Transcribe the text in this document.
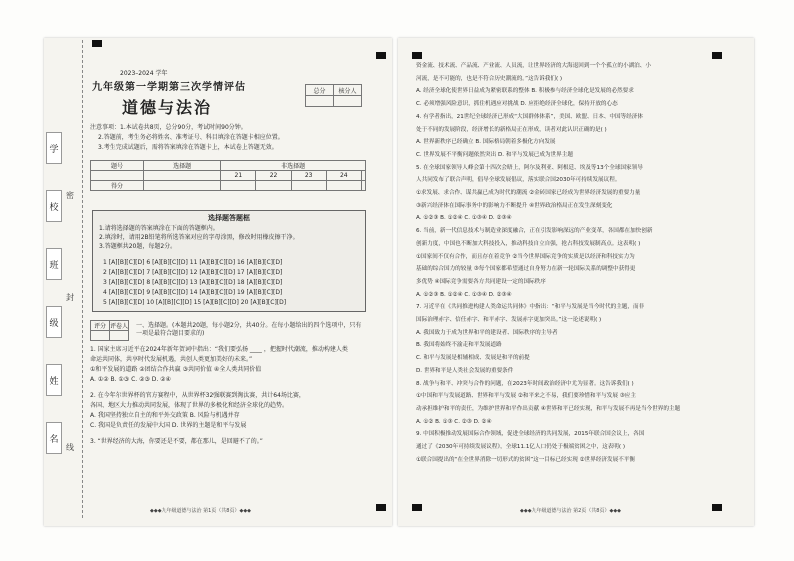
学
校
班
级
姓
名
密
封
线
2023–2024 学年
九年级第一学期第三次学情评估
道德与法治
总分	核分人

注意事项：1.本试卷共8页，总分90分，考试时间90分钟。
2.答题前，考生务必将姓名、准考证号、科目填涂在答题卡相应位置。
3.考生完成试题后，需将答案填涂在答题卡上，本试卷上答题无效。
题号	选择题	非选择题				
		21	22	23	24	
得分						
选择题答题框
1.请将选择题的答案填涂在下面的答题框内。
2.填涂时，请用2B铅笔将所选答案对应的字母涂黑，修改时用橡皮擦干净。
3.答题框共20题，每题2分。
1 [A][B][C][D] 6 [A][B][C][D] 11 [A][B][C][D] 16 [A][B][C][D]
2 [A][B][C][D] 7 [A][B][C][D] 12 [A][B][C][D] 17 [A][B][C][D]
3 [A][B][C][D] 8 [A][B][C][D] 13 [A][B][C][D] 18 [A][B][C][D]
4 [A][B][C][D] 9 [A][B][C][D] 14 [A][B][C][D] 19 [A][B][C][D]
5 [A][B][C][D] 10 [A][B][C][D] 15 [A][B][C][D] 20 [A][B][C][D]
评分	评卷人
	一、选择题。(本题共20题，每小题2分，共40分。在每小题给出的四个选项中，只有一项是最符合题目要求的)
1. 国家主席习近平在2024年新年贺词中指出：“我们要弘扬 ____ ，把握时代潮流，推动构建人类
命运共同体，共享时代发展机遇，共创人类更加美好的未来。”
①和平发展的道路 ②团结合作共赢 ③共同价值 ④全人类共同价值
A. ①② B. ①③ C. ②③ D. ②④
2. 在今年尔世界杯的官方赛程中，从世界杯32强联赛到淘汰赛，共计64场比赛，
各国、地区大力推动共同发展，体现了世界的多极化和经济全球化的趋势。
A. 我国坚持独立自主的和平外交政策 B. 风险与机遇并存
C. 我国是负责任的发展中大国 D. 世界的主题是和平与发展
3. “世界经济的大海，你要还是不要，都在那儿，是回避不了的。”
◆◆◆九年级道德与法治 第1页（共8页）◆◆◆
资金流、技术流、产品流、产业流、人员流，让世界经济的大海退回到一个个孤立的小湖泊、小
河流，是不可能的，也是不符合历史潮流的。”这告诉我们( )
A. 经济全球化使世界日益成为紧密联系的整体 B. 积极参与经济全球化是发展的必然要求
C. 必须增强风险意识，抓住机遇应对挑战 D. 应拒绝经济全球化，保持开放的心态
4. 有学者指出，21世纪全球经济已形成“大国群体体系”，美国、欧盟、日本、中国等经济体
处于不同的发展阶段，经济增长的新格局正在形成，读者对此认识正确的是( )
A. 世界新秩序已经确立 B. 国际格局朝着多极化方向发展
C. 世界发展不平衡问题依然突出 D. 和平与发展已成为世界主题
5. 在全球国家领导人峰会第十四次会晤上，阿尔及利亚、阿根廷、埃及等13个全球国家领导
人共同发布了联合声明，倡导全球发展倡议，落实联合国2030年可持续发展议程。
①求发展、求合作、谋共赢已成为时代的潮流 ②金砖国家已经成为世界经济发展的重要力量
③新兴经济体在国际事务中的影响力不断提升 ④世界政治格局正在发生深刻变化
A. ①②③ B. ①②④ C. ①③④ D. ②③④
6. 当前，新一代信息技术与制造业深度融合，正在引发影响深远的产业变革，各国都在加快创新
创新力度，中国也不断加大科技投入，推动科技自立自强，抢占科技发展制高点。这表明( )
①国家间不仅有合作，而且存在着竞争 ②当今世界国际竞争的实质是以经济和科技实力为
基础的综合国力的较量 ③每个国家都希望通过自身努力在新一轮国际关系的调整中获得更
多优势 ④国际竞争需要各方共同建设一定的国际秩序
A. ①②③ B. ①②④ C. ①③④ D. ②③④
7. 习近平在《共同推进构建人类命运共同体》中指出：“和平与发展是当今时代的主题，而非
国际治理赤字、信任赤字、和平赤字、发展赤字更加突出。”这一论述说明( )
A. 我国致力于成为世界和平的建设者、国际秩序的主导者
B. 我国将始终不渝走和平发展道路
C. 和平与发展是相辅相成、发展是和平的前提
D. 世界和平是人类社会发展的重要条件
8. 战争与和平、冲突与合作的问题，在2023年时间政治经济中尤为显著。这告诉我们( )
①中国和平与发展道路、世界和平与发展 ②和平来之不易，我们要珍惜和平与发展 ③应主
动承担维护和平的责任，为维护世界和平作出贡献 ④世界和平已经实现，和平与发展不再是当今世界的主题
A. ①② B. ①③ C. ②③ D. ②④
9. 中国积极推动发展国际合作领域，促进全球经济的共同发展，2015年联合国会议上，各国
通过了《2030年可持续发展议程》，全球11.1亿人口仍处于极端贫困之中，这表明( )
①联合国提出的“在全世界消除一切形式的贫困”这一目标已经实现 ②世界经济发展不平衡
◆◆◆九年级道德与法治 第2页（共8页）◆◆◆
